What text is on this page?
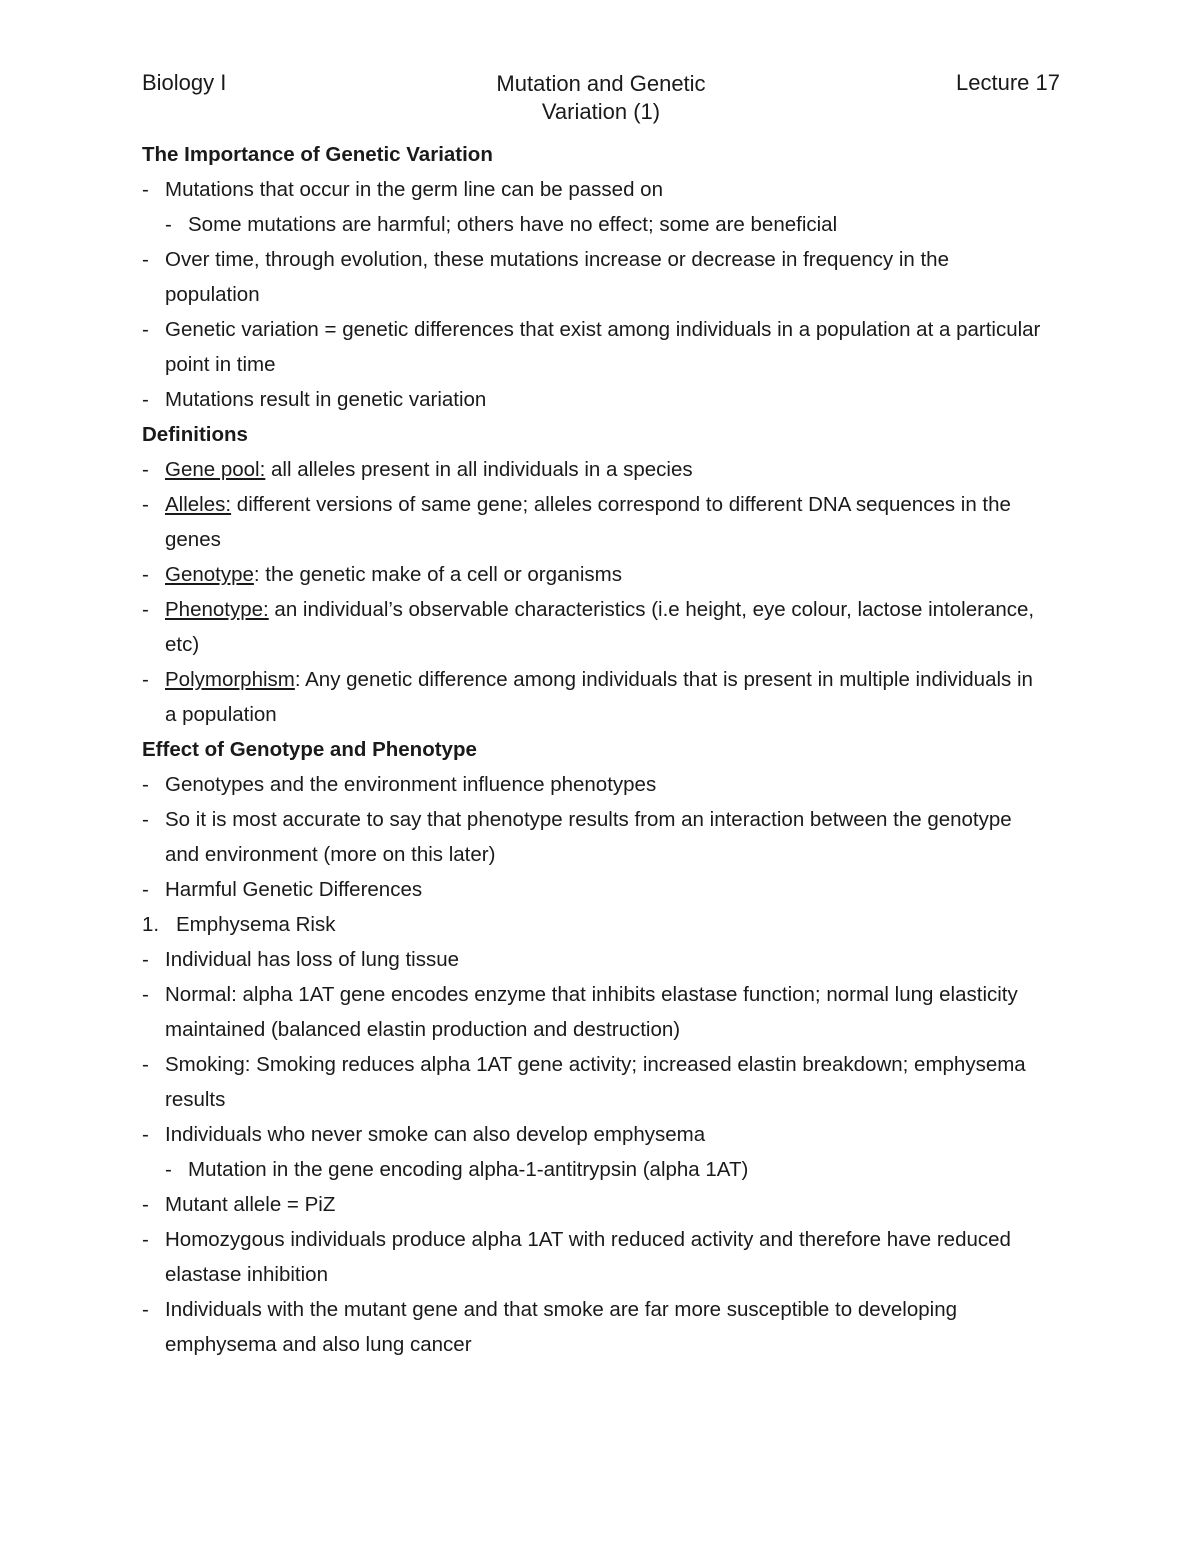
Biology I	Mutation and Genetic
Variation (1)
Lecture 17
The Importance of Genetic Variation
- Mutations that occur in the germ line can be passed on
- Some mutations are harmful; others have no effect; some are beneficial
- Over time, through evolution, these mutations increase or decrease in frequency in the population
- Genetic variation = genetic differences that exist among individuals in a population at a particular point in time
- Mutations result in genetic variation
Definitions
- Gene pool: all alleles present in all individuals in a species
- Alleles: different versions of same gene; alleles correspond to different DNA sequences in the genes
- Genotype: the genetic make of a cell or organisms
- Phenotype: an individual’s observable characteristics (i.e height, eye colour, lactose intolerance, etc)
- Polymorphism: Any genetic difference among individuals that is present in multiple individuals in a population
Effect of Genotype and Phenotype
- Genotypes and the environment influence phenotypes
- So it is most accurate to say that phenotype results from an interaction between the genotype and environment (more on this later)
- Harmful Genetic Differences
1. Emphysema Risk
- Individual has loss of lung tissue
- Normal: alpha 1AT gene encodes enzyme that inhibits elastase function; normal lung elasticity maintained (balanced elastin production and destruction)
- Smoking: Smoking reduces alpha 1AT gene activity; increased elastin breakdown; emphysema results
- Individuals who never smoke can also develop emphysema
- Mutation in the gene encoding alpha-1-antitrypsin (alpha 1AT)
- Mutant allele = PiZ
- Homozygous individuals produce alpha 1AT with reduced activity and therefore have reduced elastase inhibition
- Individuals with the mutant gene and that smoke are far more susceptible to developing emphysema and also lung cancer
